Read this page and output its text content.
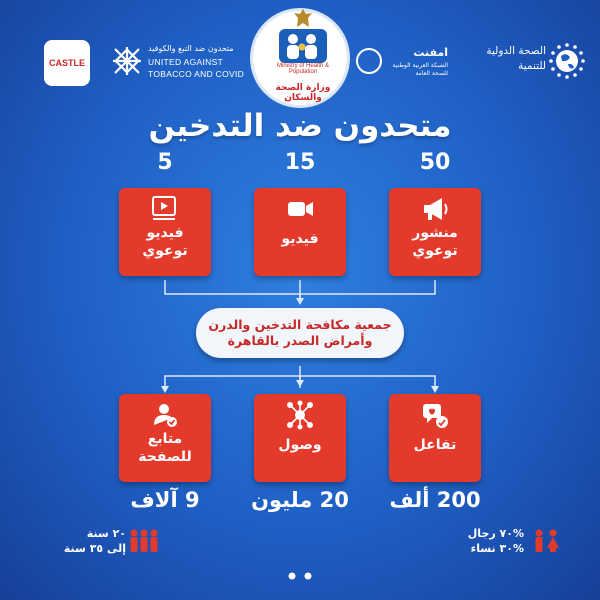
CASTLE
متحدون ضد التبغ والكوفيد
UNITED AGAINST
TOBACCO AND COVID
Ministry of Health & Population
وزارة الصحة والسكان
امفنت
الشبكة العربية الوطنية للصحة العامة
الصحة الدولية
للتنمية
متحدون ضد التدخين
5	15	50
فيديو
توعوي
فيديو	منشور
توعوي
جمعية مكافحة التدخين والدرن
وأمراض الصدر بالقاهرة
متابع
للصفحة
وصول	تفاعل
9 آلاف	20 مليون	200 ألف
٢٠ سنة
إلى ٣٥ سنة
%٧٠ رجال
%٣٠ نساء
